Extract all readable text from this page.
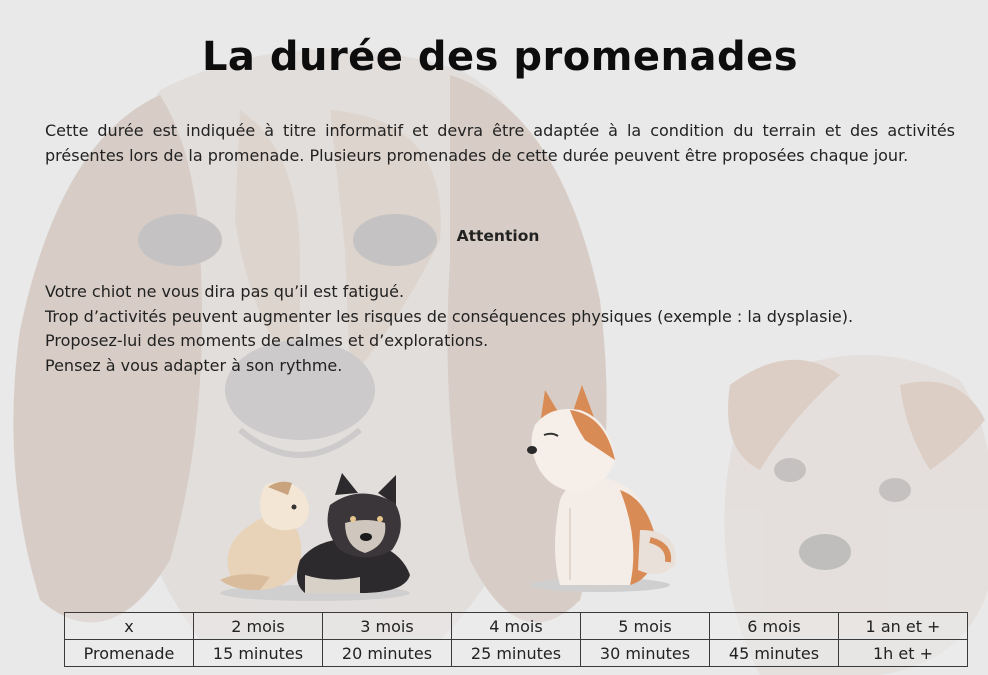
La durée des promenades

Cette durée est indiquée à titre informatif et devra être adaptée à la condition du terrain et des activités présentes lors de la promenade. Plusieurs promenades de cette durée peuvent être proposées chaque jour.

Attention

Votre chiot ne vous dira pas qu’il est fatigué.
Trop d’activités peuvent augmenter les risques de conséquences physiques (exemple : la dysplasie).
Proposez-lui des moments de calmes et d’explorations.
Pensez à vous adapter à son rythme.
x	2 mois	3 mois	4 mois	5 mois	6 mois	1 an et +
Promenade	15 minutes	20 minutes	25 minutes	30 minutes	45 minutes	1h et +
